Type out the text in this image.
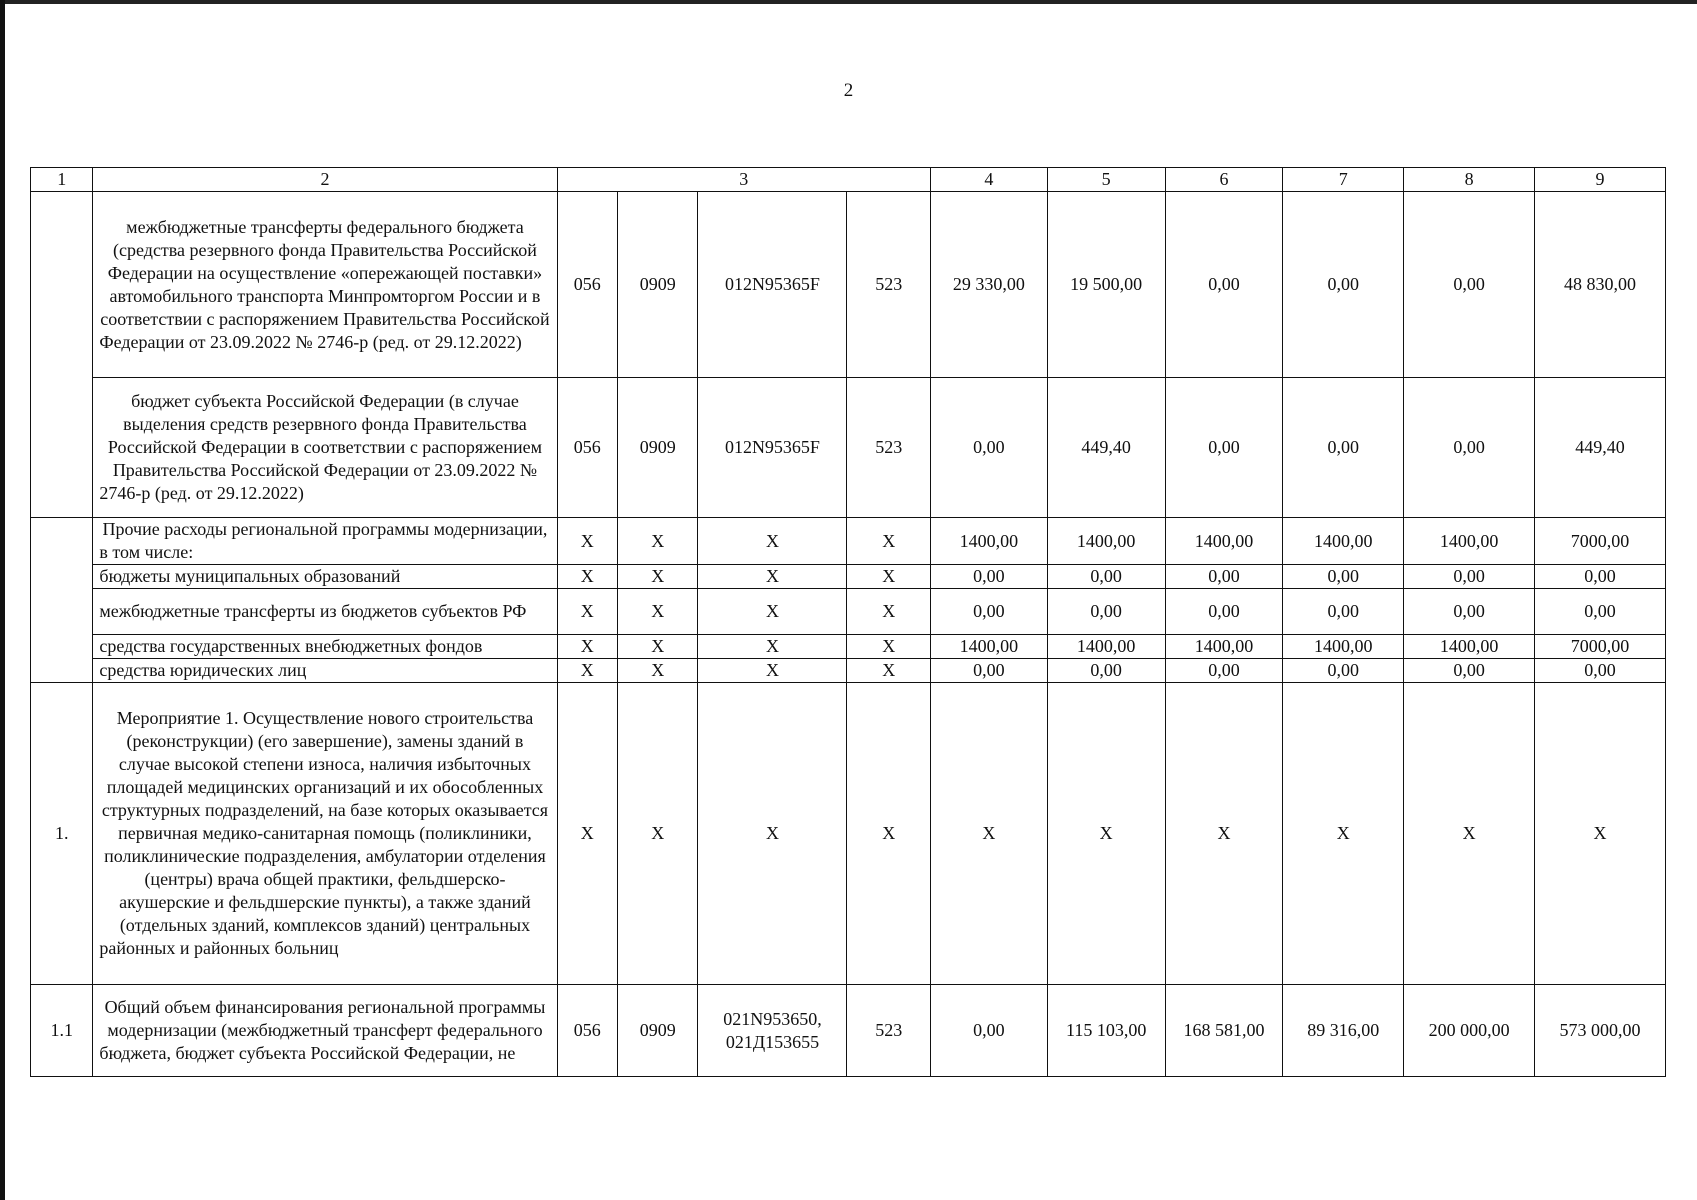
2
1	2	3				4	5	6	7	8	9
	межбюджетные трансферты федерального бюджета (средства резервного фонда Правительства Российской Федерации на осуществление «опережающей поставки» автомобильного транспорта Минпромторгом России и в соответствии с распоряжением Правительства Российской Федерации от 23.09.2022 № 2746-р (ред. от 29.12.2022)	056	0909	012N95365F	523	29 330,00	19 500,00	0,00	0,00	0,00	48 830,00
	бюджет субъекта Российской Федерации (в случае выделения средств резервного фонда Правительства Российской Федерации в соответствии с распоряжением Правительства Российской Федерации от 23.09.2022 № 2746-р (ред. от 29.12.2022)	056	0909	012N95365F	523	0,00	449,40	0,00	0,00	0,00	449,40
	Прочие расходы региональной программы модернизации, в том числе:	X	X	X	X	1400,00	1400,00	1400,00	1400,00	1400,00	7000,00
	бюджеты муниципальных образований	X	X	X	X	0,00	0,00	0,00	0,00	0,00	0,00
	межбюджетные трансферты из бюджетов субъектов РФ	X	X	X	X	0,00	0,00	0,00	0,00	0,00	0,00
	средства государственных внебюджетных фондов	X	X	X	X	1400,00	1400,00	1400,00	1400,00	1400,00	7000,00
	средства юридических лиц	X	X	X	X	0,00	0,00	0,00	0,00	0,00	0,00
1.	Мероприятие 1. Осуществление нового строительства (реконструкции) (его завершение), замены зданий в случае высокой степени износа, наличия избыточных площадей медицинских организаций и их обособленных структурных подразделений, на базе которых оказывается первичная медико-санитарная помощь (поликлиники, поликлинические подразделения, амбулатории отделения (центры) врача общей практики, фельдшерско-акушерские и фельдшерские пункты), а также зданий (отдельных зданий, комплексов зданий) центральных районных и районных больниц	X	X	X	X	X	X	X	X	X	X
1.1	Общий объем финансирования региональной программы модернизации (межбюджетный трансферт федерального бюджета, бюджет субъекта Российской Федерации, не	056	0909	021N953650, 021Д153655	523	0,00	115 103,00	168 581,00	89 316,00	200 000,00	573 000,00
